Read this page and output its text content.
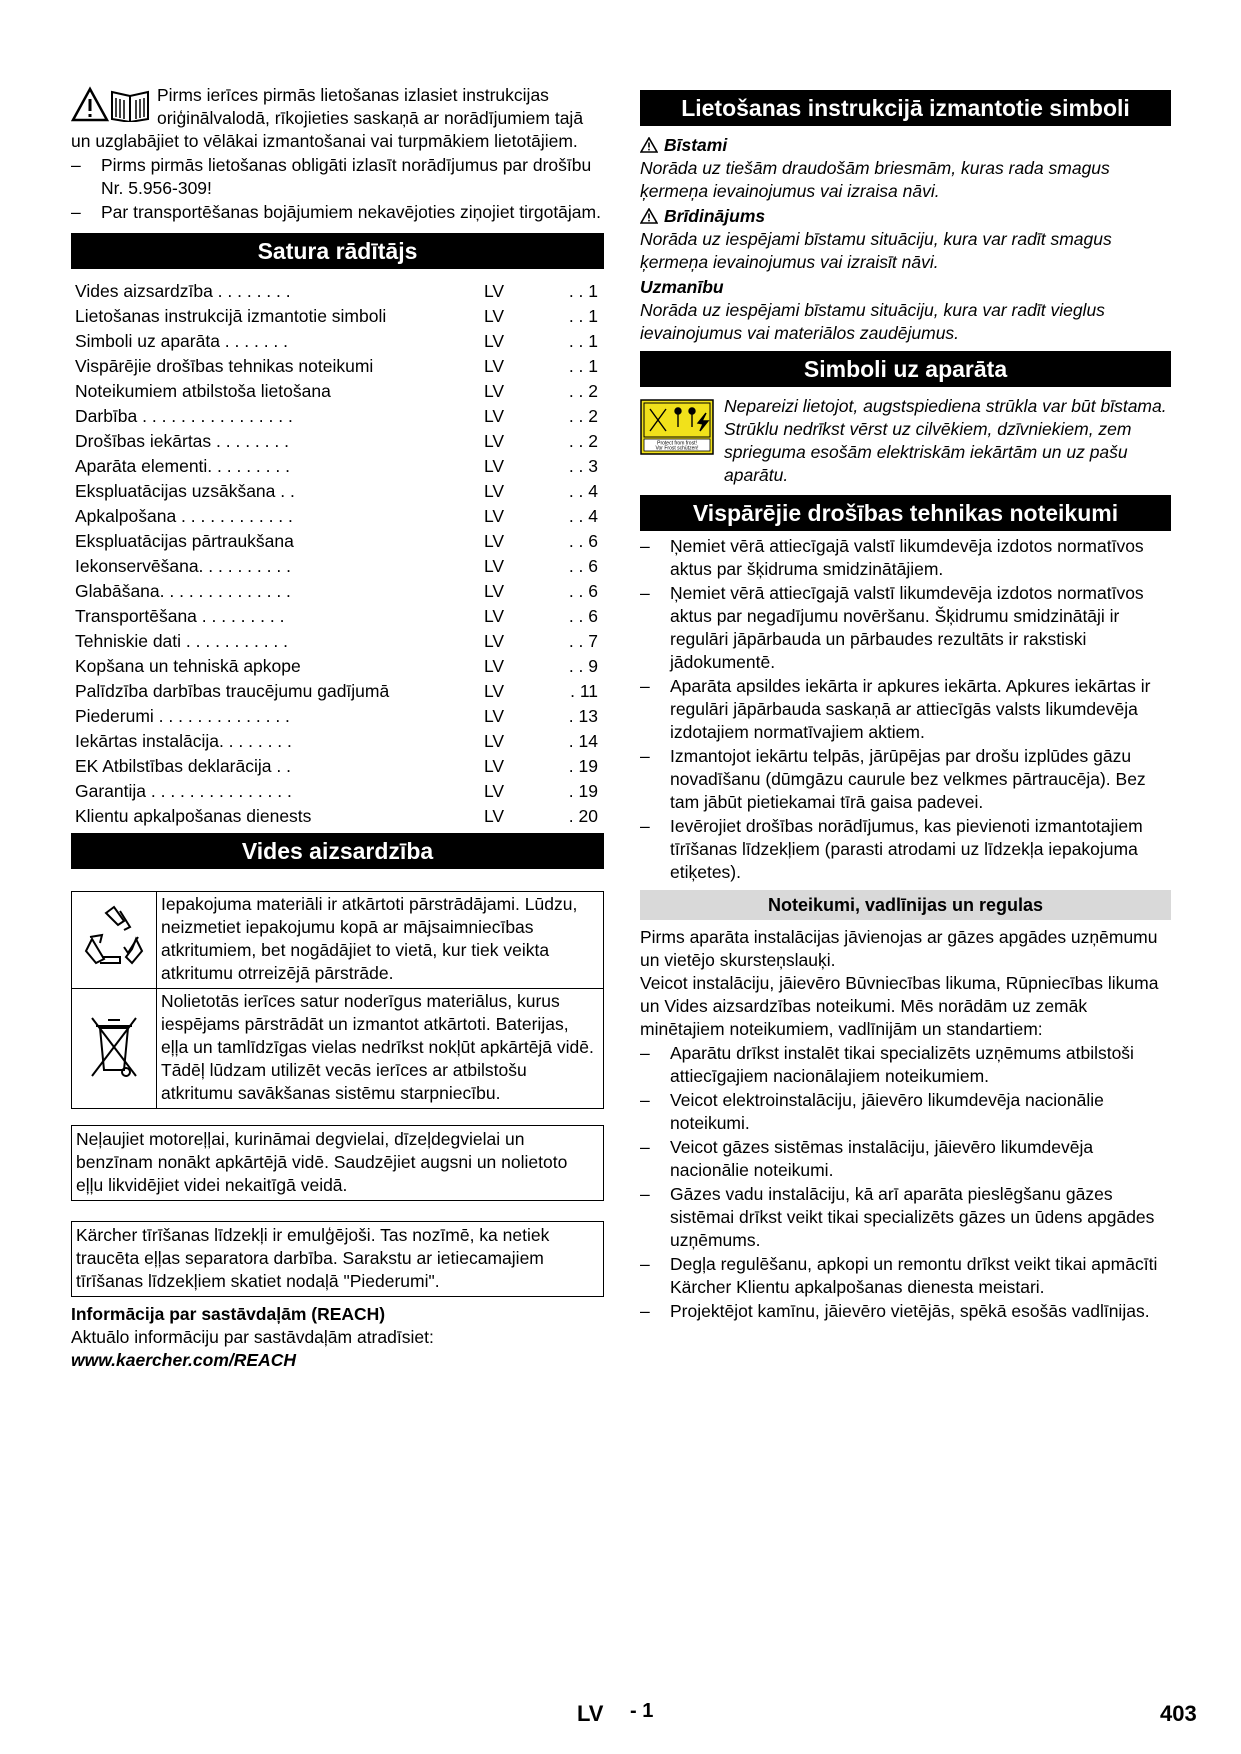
Pirms ierīces pirmās lietošanas izlasiet instrukcijas oriģinālvalodā, rīkojieties saskaņā ar norādījumiem tajā un uzglabājiet to vēlākai izmantošanai vai turpmākiem lietotājiem.

–	Pirms pirmās lietošanas obligāti izlasīt norādījumus par drošību Nr. 5.956-309!
–	Par transportēšanas bojājumiem nekavējoties ziņojiet tirgotājam.
Satura rādītājs
Vides aizsardzība . . . . . . . .	LV	. . 1
Lietošanas instrukcijā izmantotie simboli	LV	. . 1
Simboli uz aparāta . . . . . . .	LV	. . 1
Vispārējie drošības tehnikas noteikumi	LV	. . 1
Noteikumiem atbilstoša lietošana	LV	. . 2
Darbība . . . . . . . . . . . . . . . .	LV	. . 2
Drošības iekārtas . . . . . . . .	LV	. . 2
Aparāta elementi. . . . . . . . .	LV	. . 3
Ekspluatācijas uzsākšana . .	LV	. . 4
Apkalpošana . . . . . . . . . . . .	LV	. . 4
Ekspluatācijas pārtraukšana	LV	. . 6
Iekonservēšana. . . . . . . . . .	LV	. . 6
Glabāšana. . . . . . . . . . . . . .	LV	. . 6
Transportēšana . . . . . . . . .	LV	. . 6
Tehniskie dati . . . . . . . . . . .	LV	. . 7
Kopšana un tehniskā apkope	LV	. . 9
Palīdzība darbības traucējumu gadījumā	LV	. 11
Piederumi . . . . . . . . . . . . . .	LV	. 13
Iekārtas instalācija. . . . . . . .	LV	. 14
EK Atbilstības deklarācija . .	LV	. 19
Garantija . . . . . . . . . . . . . . .	LV	. 19
Klientu apkalpošanas dienests	LV	. 20
Vides aizsardzība
	Iepakojuma materiāli ir atkārtoti pārstrādājami. Lūdzu, neizmetiet iepakojumu kopā ar mājsaimniecības atkritumiem, bet nogādājiet to vietā, kur tiek veikta atkritumu otrreizējā pārstrāde.
	Nolietotās ierīces satur noderīgus materiālus, kurus iespējams pārstrādāt un izmantot atkārtoti. Baterijas, eļļa un tamlīdzīgas vielas nedrīkst nokļūt apkārtējā vidē. Tādēļ lūdzam utilizēt vecās ierīces ar atbilstošu atkritumu savākšanas sistēmu starpniecību.

Neļaujiet motoreļļai, kurināmai degvielai, dīzeļdegvielai un benzīnam nonākt apkārtējā vidē. Saudzējiet augsni un nolietoto eļļu likvidējiet videi nekaitīgā veidā.

Kärcher tīrīšanas līdzekļi ir emulģējoši. Tas nozīmē, ka netiek traucēta eļļas separatora darbība. Sarakstu ar ietiecamajiem tīrīšanas līdzekļiem skatiet nodaļā "Piederumi".

Informācija par sastāvdaļām (REACH)

Aktuālo informāciju par sastāvdaļām atradīsiet:

www.kaercher.com/REACH

Lietošanas instrukcijā izmantotie simboli

Bīstami

Norāda uz tiešām draudošām briesmām, kuras rada smagus ķermeņa ievainojumus vai izraisa nāvi.

Brīdinājums

Norāda uz iespējami bīstamu situāciju, kura var radīt smagus ķermeņa ievainojumus vai izraisīt nāvi.

Uzmanību

Norāda uz iespējami bīstamu situāciju, kura var radīt vieglus ievainojumus vai materiālos zaudējumus.

Simboli uz aparāta
Protect from frost!
Vor Frost schützen!

Nepareizi lietojot, augstspiediena strūkla var būt bīstama. Strūklu nedrīkst vērst uz cilvēkiem, dzīvniekiem, zem sprieguma esošām elektriskām iekārtām un uz pašu aparātu.

Vispārējie drošības tehnikas noteikumi
–	Ņemiet vērā attiecīgajā valstī likumdevēja izdotos normatīvos aktus par šķidruma smidzinātājiem.
–	Ņemiet vērā attiecīgajā valstī likumdevēja izdotos normatīvos aktus par negadījumu novēršanu. Šķidrumu smidzinātāji ir regulāri jāpārbauda un pārbaudes rezultāts ir rakstiski jādokumentē.
–	Aparāta apsildes iekārta ir apkures iekārta. Apkures iekārtas ir regulāri jāpārbauda saskaņā ar attiecīgās valsts likumdevēja izdotajiem normatīvajiem aktiem.
–	Izmantojot iekārtu telpās, jārūpējas par drošu izplūdes gāzu novadīšanu (dūmgāzu caurule bez velkmes pārtraucēja). Bez tam jābūt pietiekamai tīrā gaisa padevei.
–	Ievērojiet drošības norādījumus, kas pievienoti izmantotajiem tīrīšanas līdzekļiem (parasti atrodami uz līdzekļa iepakojuma etiķetes).
Noteikumi, vadlīnijas un regulas

Pirms aparāta instalācijas jāvienojas ar gāzes apgādes uzņēmumu un vietējo skursteņslauķi.

Veicot instalāciju, jāievēro Būvniecības likuma, Rūpniecības likuma un Vides aizsardzības noteikumi. Mēs norādām uz zemāk minētajiem noteikumiem, vadlīnijām un standartiem:

–	Aparātu drīkst instalēt tikai specializēts uzņēmums atbilstoši attiecīgajiem nacionālajiem noteikumiem.
–	Veicot elektroinstalāciju, jāievēro likumdevēja nacionālie noteikumi.
–	Veicot gāzes sistēmas instalāciju, jāievēro likumdevēja nacionālie noteikumi.
–	Gāzes vadu instalāciju, kā arī aparāta pieslēgšanu gāzes sistēmai drīkst veikt tikai specializēts gāzes un ūdens apgādes uzņēmums.
–	Degļa regulēšanu, apkopi un remontu drīkst veikt tikai apmācīti Kärcher Klientu apkalpošanas dienesta meistari.
–	Projektējot kamīnu, jāievēro vietējās, spēkā esošās vadlīnijas.
LV - 1	403
